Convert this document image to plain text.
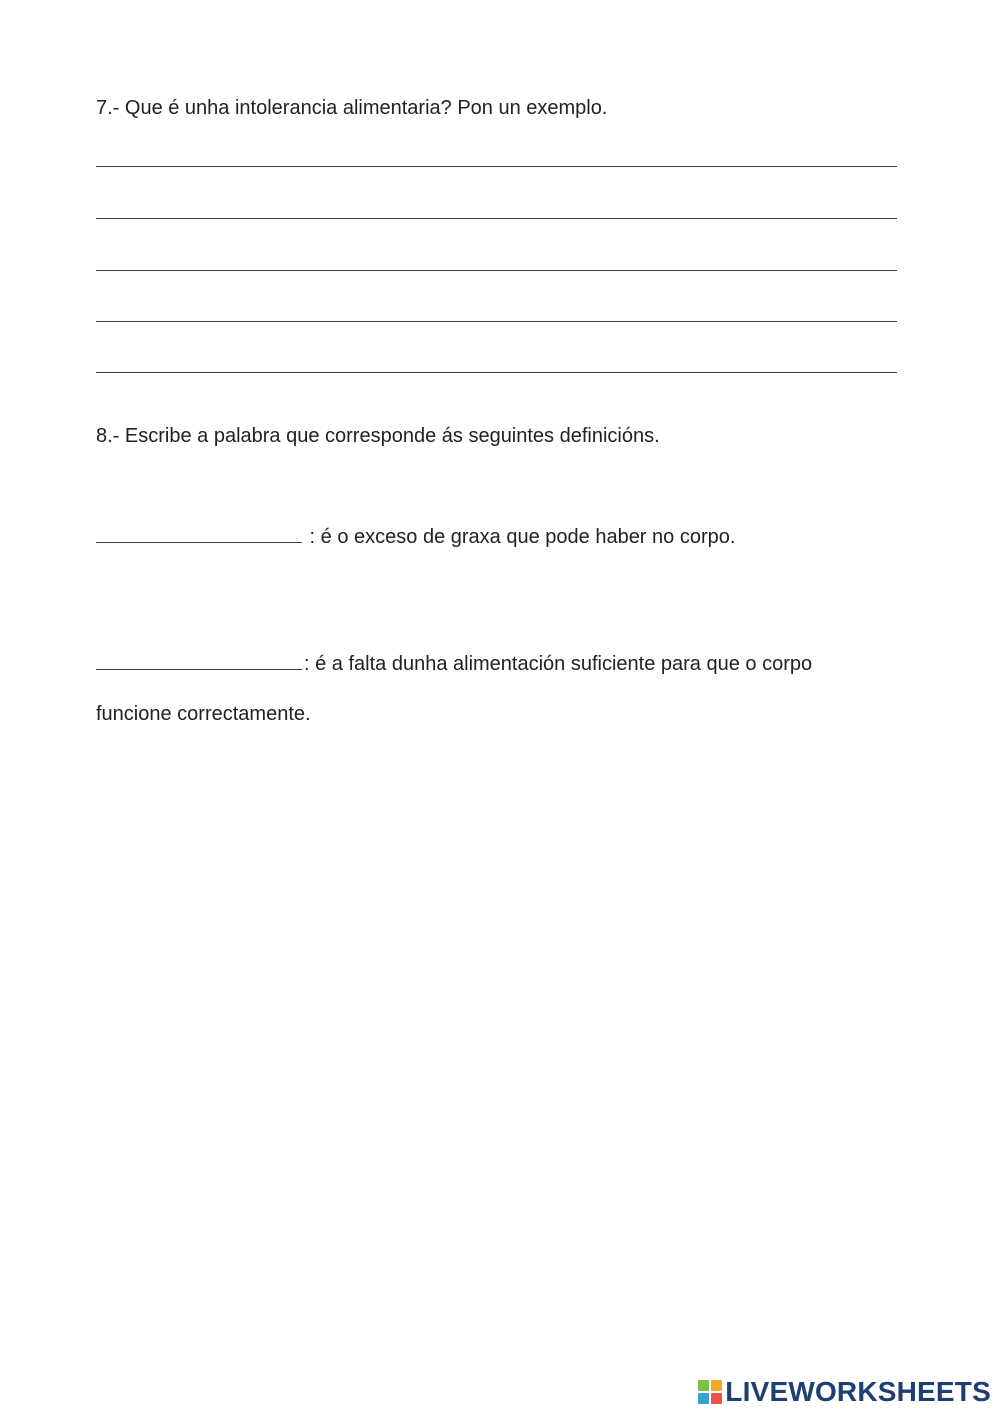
7.- Que é unha intolerancia alimentaria? Pon un exemplo.
8.- Escribe a palabra que corresponde ás seguintes definicións.
: é o exceso de graxa que pode haber no corpo.
: é a falta dunha alimentación suficiente para que o corpo
funcione correctamente.
LIVEWORKSHEETS
